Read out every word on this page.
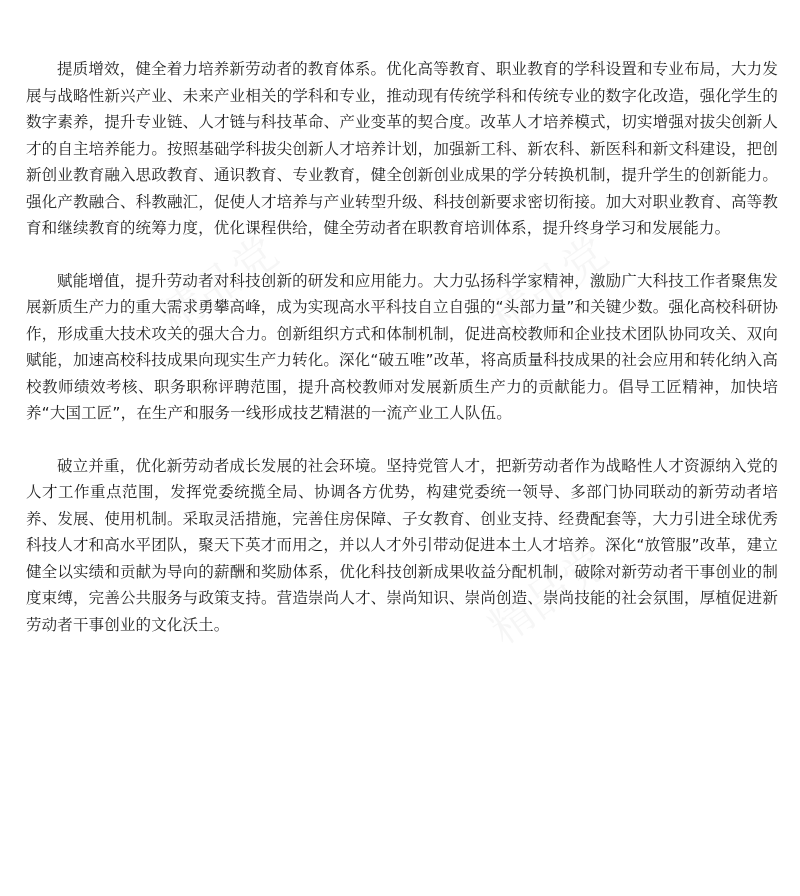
提质增效，健全着力培养新劳动者的教育体系。优化高等教育、职业教育的学科设置和专业布局，大力发展与战略性新兴产业、未来产业相关的学科和专业，推动现有传统学科和传统专业的数字化改造，强化学生的数字素养，提升专业链、人才链与科技革命、产业变革的契合度。改革人才培养模式，切实增强对拔尖创新人才的自主培养能力。按照基础学科拔尖创新人才培养计划，加强新工科、新农科、新医科和新文科建设，把创新创业教育融入思政教育、通识教育、专业教育，健全创新创业成果的学分转换机制，提升学生的创新能力。强化产教融合、科教融汇，促使人才培养与产业转型升级、科技创新要求密切衔接。加大对职业教育、高等教育和继续教育的统筹力度，优化课程供给，健全劳动者在职教育培训体系，提升终身学习和发展能力。

赋能增值，提升劳动者对科技创新的研发和应用能力。大力弘扬科学家精神，激励广大科技工作者聚焦发展新质生产力的重大需求勇攀高峰，成为实现高水平科技自立自强的“头部力量”和关键少数。强化高校科研协作，形成重大技术攻关的强大合力。创新组织方式和体制机制，促进高校教师和企业技术团队协同攻关、双向赋能，加速高校科技成果向现实生产力转化。深化“破五唯”改革，将高质量科技成果的社会应用和转化纳入高校教师绩效考核、职务职称评聘范围，提升高校教师对发展新质生产力的贡献能力。倡导工匠精神，加快培养“大国工匠”，在生产和服务一线形成技艺精湛的一流产业工人队伍。

破立并重，优化新劳动者成长发展的社会环境。坚持党管人才，把新劳动者作为战略性人才资源纳入党的人才工作重点范围，发挥党委统揽全局、协调各方优势，构建党委统一领导、多部门协同联动的新劳动者培养、发展、使用机制。采取灵活措施，完善住房保障、子女教育、创业支持、经费配套等，大力引进全球优秀科技人才和高水平团队，聚天下英才而用之，并以人才外引带动促进本土人才培养。深化“放管服”改革，建立健全以实绩和贡献为导向的薪酬和奖励体系，优化科技创新成果收益分配机制，破除对新劳动者干事创业的制度束缚，完善公共服务与政策支持。营造崇尚人才、崇尚知识、崇尚创造、崇尚技能的社会氛围，厚植促进新劳动者干事创业的文化沃土。
